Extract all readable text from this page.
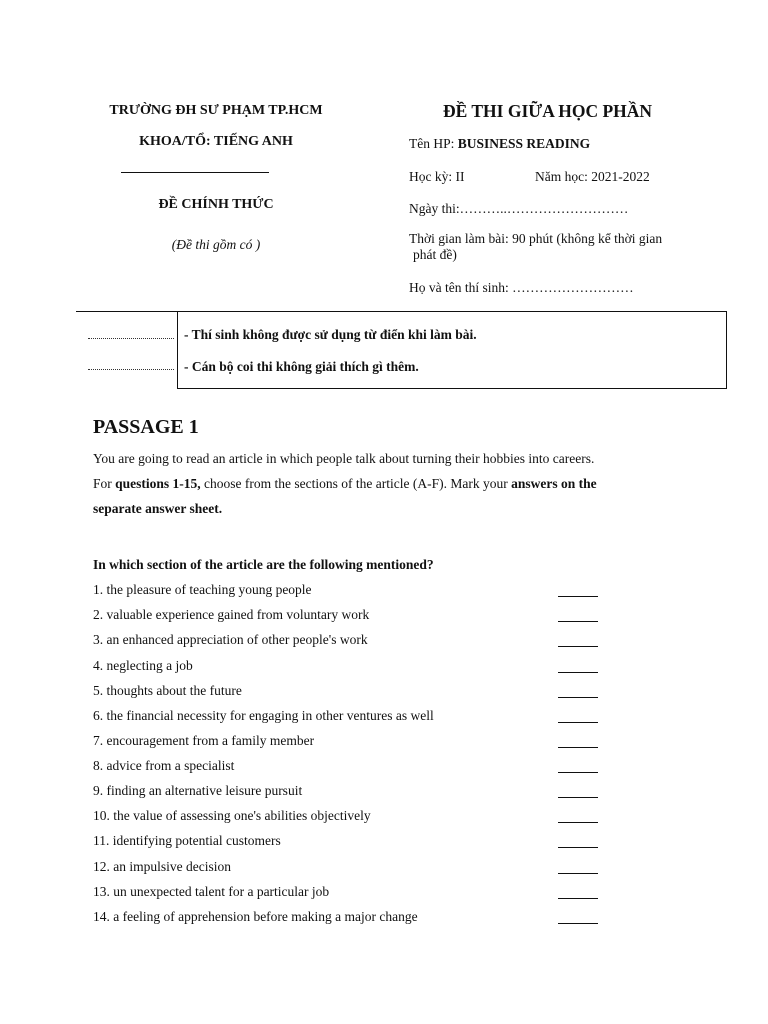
TRƯỜNG ĐH SƯ PHẠM TP.HCM
KHOA/TỔ: TIẾNG ANH
ĐỀ CHÍNH THỨC
(Đề thi gồm có )
ĐỀ THI GIỮA HỌC PHẦN
Tên HP: BUSINESS READING
Học kỳ: II	Năm học: 2021-2022
Ngày thi:………..………………………
Thời gian làm bài: 90 phút (không kể thời gian
phát đề)
Họ và tên thí sinh: ………………………
- Thí sinh không được sử dụng từ điển khi làm bài.
- Cán bộ coi thi không giải thích gì thêm.
PASSAGE 1
You are going to read an article in which people talk about turning their hobbies into careers.
For questions 1-15, choose from the sections of the article (A-F). Mark your answers on the
separate answer sheet.
In which section of the article are the following mentioned?
1. the pleasure of teaching young people
2. valuable experience gained from voluntary work
3. an enhanced appreciation of other people's work
4. neglecting a job
5. thoughts about the future
6. the financial necessity for engaging in other ventures as well
7. encouragement from a family member
8. advice from a specialist
9. finding an alternative leisure pursuit
10. the value of assessing one's abilities objectively
11. identifying potential customers
12. an impulsive decision
13. un unexpected talent for a particular job
14. a feeling of apprehension before making a major change
